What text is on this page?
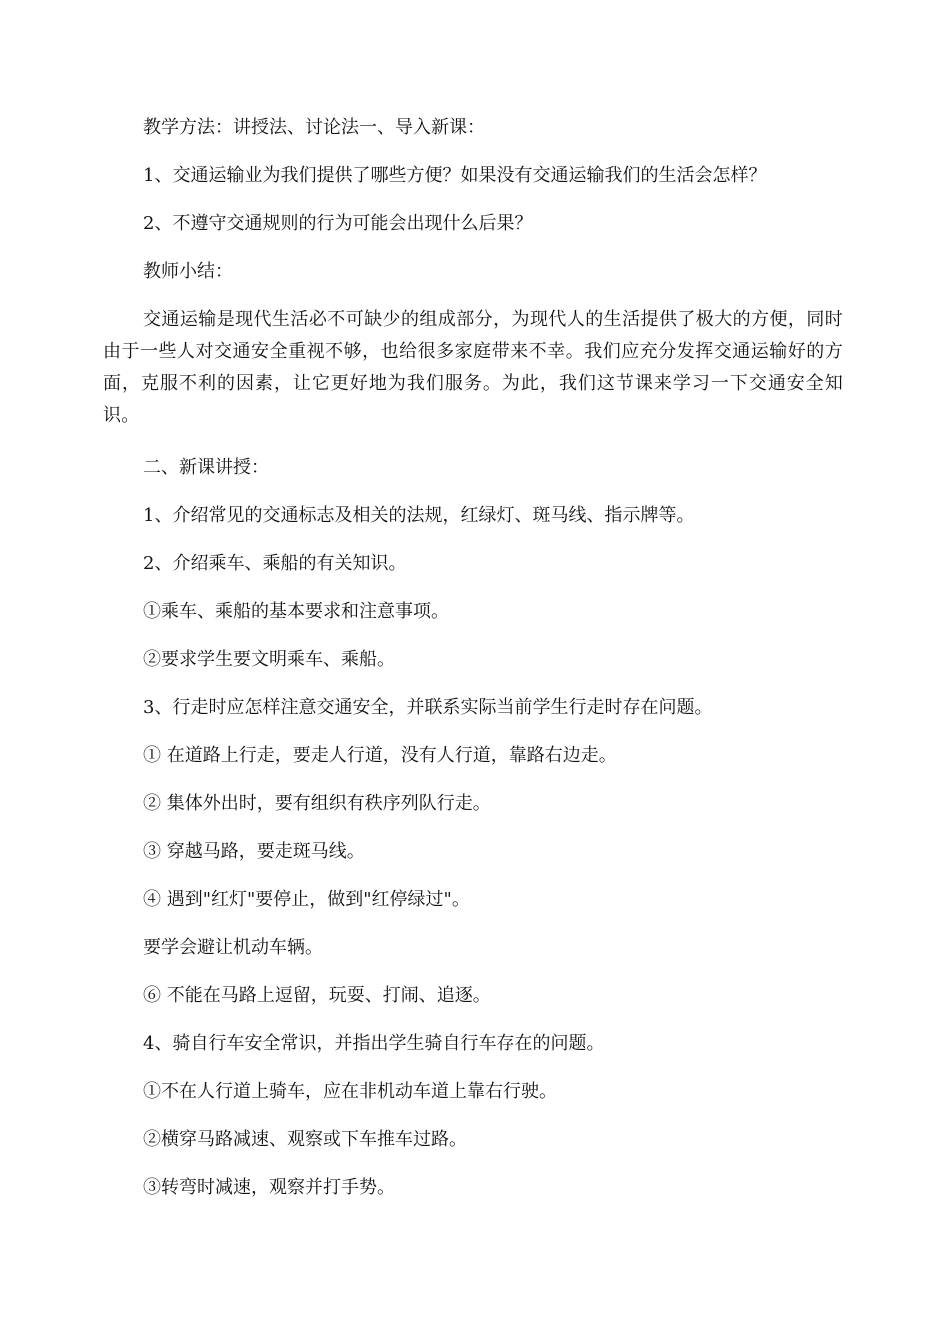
教学方法：讲授法、讨论法一、导入新课：

1、交通运输业为我们提供了哪些方便？如果没有交通运输我们的生活会怎样？

2、不遵守交通规则的行为可能会出现什么后果？

教师小结：

交通运输是现代生活必不可缺少的组成部分，为现代人的生活提供了极大的方便，同时由于一些人对交通安全重视不够，也给很多家庭带来不幸。我们应充分发挥交通运输好的方面，克服不利的因素，让它更好地为我们服务。为此，我们这节课来学习一下交通安全知识。

二、新课讲授：

1、介绍常见的交通标志及相关的法规，红绿灯、斑马线、指示牌等。

2、介绍乘车、乘船的有关知识。

①乘车、乘船的基本要求和注意事项。

②要求学生要文明乘车、乘船。

3、行走时应怎样注意交通安全，并联系实际当前学生行走时存在问题。

① 在道路上行走，要走人行道，没有人行道，靠路右边走。

② 集体外出时，要有组织有秩序列队行走。

③ 穿越马路，要走斑马线。

④ 遇到"红灯"要停止，做到"红停绿过"。

要学会避让机动车辆。

⑥ 不能在马路上逗留，玩耍、打闹、追逐。

4、骑自行车安全常识，并指出学生骑自行车存在的问题。

①不在人行道上骑车，应在非机动车道上靠右行驶。

②横穿马路减速、观察或下车推车过路。

③转弯时减速，观察并打手势。
